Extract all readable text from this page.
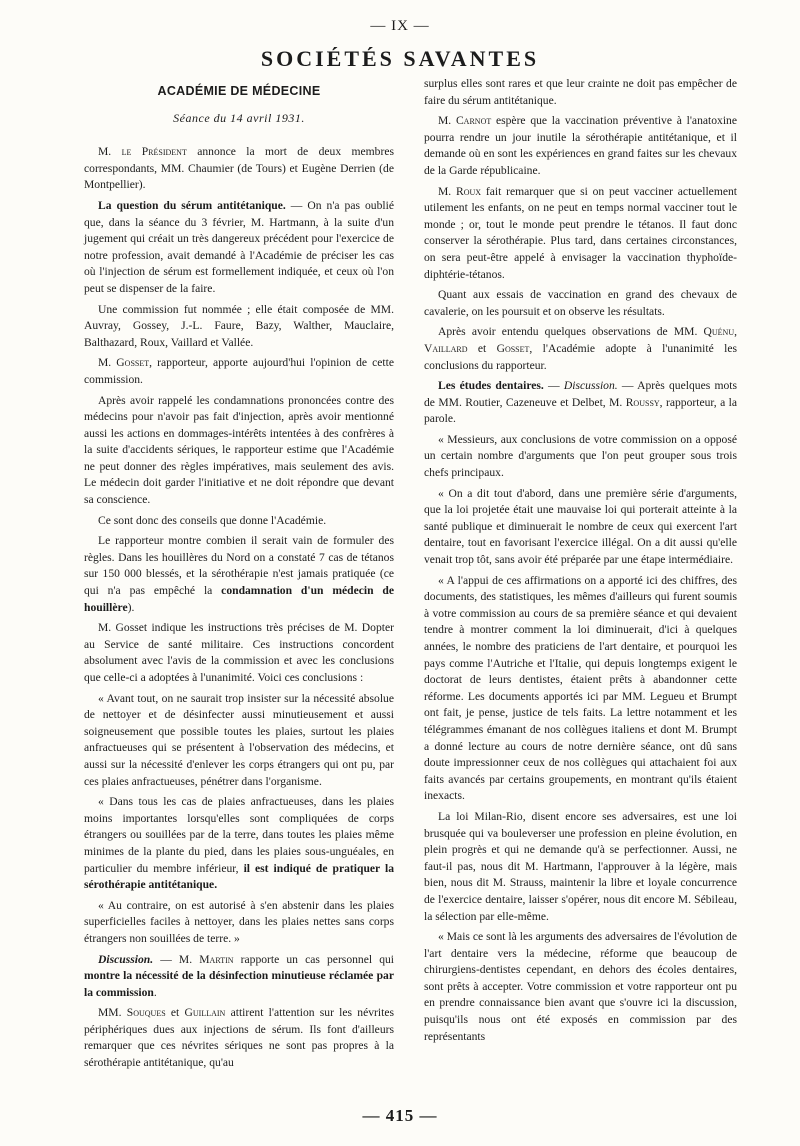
— IX —
SOCIÉTÉS SAVANTES
ACADÉMIE DE MÉDECINE
Séance du 14 avril 1931.

M. le Président annonce la mort de deux membres correspondants, MM. Chaumier (de Tours) et Eugène Derrien (de Montpellier).

La question du sérum antitétanique. — On n'a pas oublié que, dans la séance du 3 février, M. Hartmann, à la suite d'un jugement qui créait un très dangereux précédent pour l'exercice de notre profession, avait demandé à l'Académie de préciser les cas où l'injection de sérum est formellement indiquée, et ceux où l'on peut se dispenser de la faire.

Une commission fut nommée ; elle était composée de MM. Auvray, Gossey, J.-L. Faure, Bazy, Walther, Mauclaire, Balthazard, Roux, Vaillard et Vallée.

M. Gosset, rapporteur, apporte aujourd'hui l'opinion de cette commission.

Après avoir rappelé les condamnations prononcées contre des médecins pour n'avoir pas fait d'injection, après avoir mentionné aussi les actions en dommages-intérêts intentées à des confrères à la suite d'accidents sériques, le rapporteur estime que l'Académie ne peut donner des règles impératives, mais seulement des avis. Le médecin doit garder l'initiative et ne doit répondre que devant sa conscience.

Ce sont donc des conseils que donne l'Académie.

Le rapporteur montre combien il serait vain de formuler des règles. Dans les houillères du Nord on a constaté 7 cas de tétanos sur 150 000 blessés, et la sérothérapie n'est jamais pratiquée (ce qui n'a pas empêché la condamnation d'un médecin de houillère).

M. Gosset indique les instructions très précises de M. Dopter au Service de santé militaire. Ces instructions concordent absolument avec l'avis de la commission et avec les conclusions que celle-ci a adoptées à l'unanimité. Voici ces conclusions :

« Avant tout, on ne saurait trop insister sur la nécessité absolue de nettoyer et de désinfecter aussi minutieusement et aussi soigneusement que possible toutes les plaies, surtout les plaies anfractueuses qui se présentent à l'observation des médecins, et aussi sur la nécessité d'enlever les corps étrangers qui ont pu, par ces plaies anfractueuses, pénétrer dans l'organisme.

« Dans tous les cas de plaies anfractueuses, dans les plaies moins importantes lorsqu'elles sont compliquées de corps étrangers ou souillées par de la terre, dans toutes les plaies même minimes de la plante du pied, dans les plaies sous-unguéales, en particulier du membre inférieur, il est indiqué de pratiquer la sérothérapie antitétanique.

« Au contraire, on est autorisé à s'en abstenir dans les plaies superficielles faciles à nettoyer, dans les plaies nettes sans corps étrangers non souillées de terre. »

Discussion. — M. Martin rapporte un cas personnel qui montre la nécessité de la désinfection minutieuse réclamée par la commission.

MM. Souques et Guillain attirent l'attention sur les névrites périphériques dues aux injections de sérum. Ils font d'ailleurs remarquer que ces névrites sériques ne sont pas propres à la sérothérapie antitétanique, qu'au

surplus elles sont rares et que leur crainte ne doit pas empêcher de faire du sérum antitétanique.

M. Carnot espère que la vaccination préventive à l'anatoxine pourra rendre un jour inutile la sérothérapie antitétanique, et il demande où en sont les expériences en grand faites sur les chevaux de la Garde républicaine.

M. Roux fait remarquer que si on peut vacciner actuellement utilement les enfants, on ne peut en temps normal vacciner tout le monde ; or, tout le monde peut prendre le tétanos. Il faut donc conserver la sérothérapie. Plus tard, dans certaines circonstances, on sera peut-être appelé à envisager la vaccination thyphoïde-diphtérie-tétanos.

Quant aux essais de vaccination en grand des chevaux de cavalerie, on les poursuit et on observe les résultats.

Après avoir entendu quelques observations de MM. Quénu, Vaillard et Gosset, l'Académie adopte à l'unanimité les conclusions du rapporteur.

Les études dentaires. — Discussion. — Après quelques mots de MM. Routier, Cazeneuve et Delbet, M. Roussy, rapporteur, a la parole.

« Messieurs, aux conclusions de votre commission on a opposé un certain nombre d'arguments que l'on peut grouper sous trois chefs principaux.

« On a dit tout d'abord, dans une première série d'arguments, que la loi projetée était une mauvaise loi qui porterait atteinte à la santé publique et diminuerait le nombre de ceux qui exercent l'art dentaire, tout en favorisant l'exercice illégal. On a dit aussi qu'elle venait trop tôt, sans avoir été préparée par une étape intermédiaire.

« A l'appui de ces affirmations on a apporté ici des chiffres, des documents, des statistiques, les mêmes d'ailleurs qui furent soumis à votre commission au cours de sa première séance et qui devaient tendre à montrer comment la loi diminuerait, d'ici à quelques années, le nombre des praticiens de l'art dentaire, et pourquoi les pays comme l'Autriche et l'Italie, qui depuis longtemps exigent le doctorat de leurs dentistes, étaient prêts à abandonner cette réforme. Les documents apportés ici par MM. Legueu et Brumpt ont fait, je pense, justice de tels faits. La lettre notamment et les télégrammes émanant de nos collègues italiens et dont M. Brumpt a donné lecture au cours de notre dernière séance, ont dû sans doute impressionner ceux de nos collègues qui attachaient foi aux faits avancés par certains groupements, en montrant qu'ils étaient inexacts.

La loi Milan-Rio, disent encore ses adversaires, est une loi brusquée qui va bouleverser une profession en pleine évolution, en plein progrès et qui ne demande qu'à se perfectionner. Aussi, ne faut-il pas, nous dit M. Hartmann, l'approuver à la légère, mais bien, nous dit M. Strauss, maintenir la libre et loyale concurrence de l'exercice dentaire, laisser s'opérer, nous dit encore M. Sébileau, la sélection par elle-même.

« Mais ce sont là les arguments des adversaires de l'évolution de l'art dentaire vers la médecine, réforme que beaucoup de chirurgiens-dentistes cependant, en dehors des écoles dentaires, sont prêts à accepter. Votre commission et votre rapporteur ont pu en prendre connaissance bien avant que s'ouvre ici la discussion, puisqu'ils nous ont été exposés en commission par des représentants

— 415 —
